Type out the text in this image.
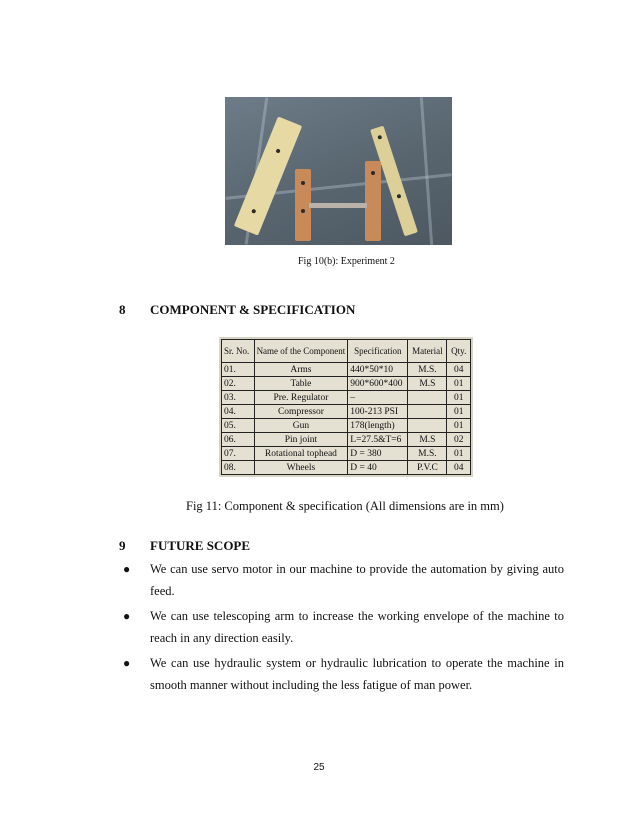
Fig 10(b): Experiment 2
8 COMPONENT & SPECIFICATION
Sr. No.	Name of the Component	Specification	Material	Qty.
01.	Arms	440*50*10	M.S.	04
02.	Table	900*600*400	M.S	01
03.	Pre. Regulator	–		01
04.	Compressor	100-213 PSI		01
05.	Gun	178(length)		01
06.	Pin joint	L=27.5&T=6	M.S	02
07.	Rotational tophead	D = 380	M.S.	01
08.	Wheels	D = 40	P.V.C	04
Fig 11: Component & specification (All dimensions are in mm)
9 FUTURE SCOPE
● We can use servo motor in our machine to provide the automation by giving auto feed.
● We can use telescoping arm to increase the working envelope of the machine to reach in any direction easily.
● We can use hydraulic system or hydraulic lubrication to operate the machine in smooth manner without including the less fatigue of man power.
25
